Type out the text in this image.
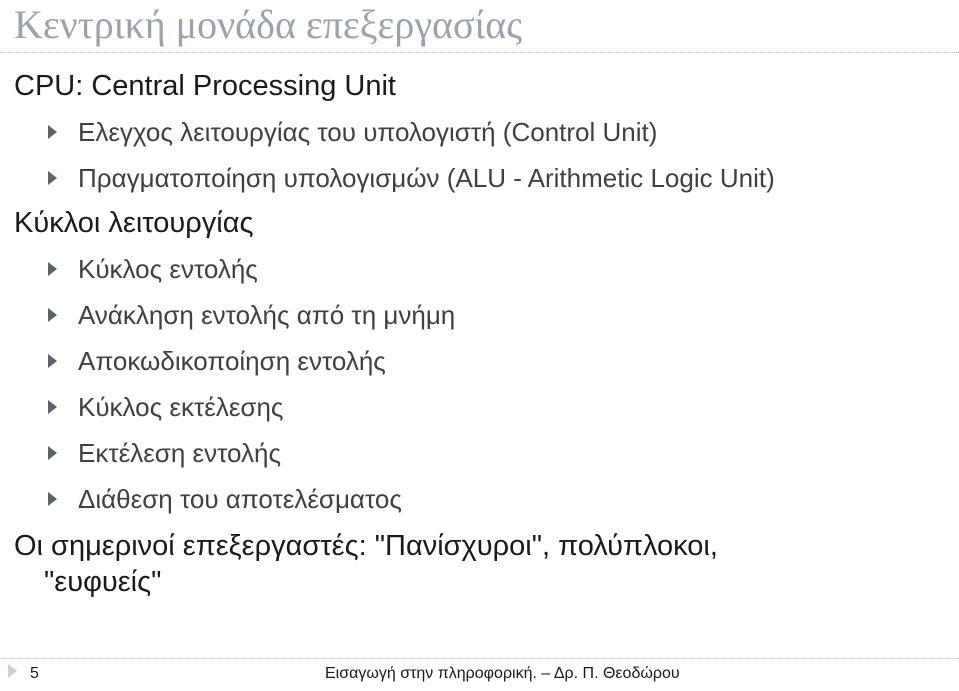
Κεντρική μονάδα επεξεργασίας

CPU: Central Processing Unit

Ελεγχος λειτουργίας του υπολογιστή (Control Unit)
Πραγματοποίηση υπολογισμών (ALU - Arithmetic Logic Unit)

Κύκλοι λειτουργίας

Κύκλος εντολής
Ανάκληση εντολής από τη μνήμη
Αποκωδικοποίηση εντολής
Κύκλος εκτέλεσης
Εκτέλεση εντολής
Διάθεση του αποτελέσματος

Οι σημερινοί επεξεργαστές: "Πανίσχυροι", πολύπλοκοι,
"ευφυείς"

5	Εισαγωγή στην πληροφορική. – Δρ. Π. Θεοδώρου
